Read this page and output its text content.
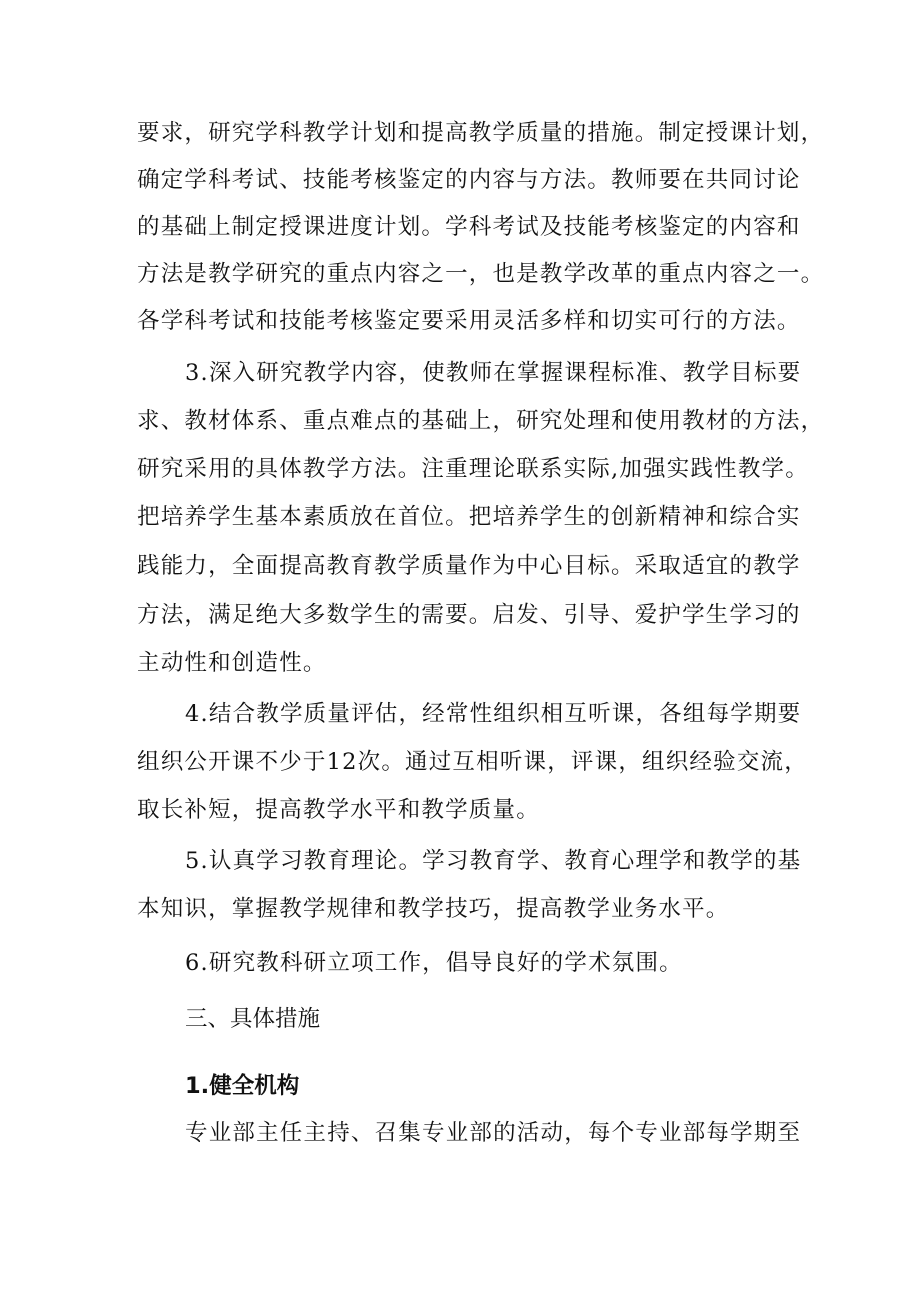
要求，研究学科教学计划和提高教学质量的措施。制定授课计划，
确定学科考试、技能考核鉴定的内容与方法。教师要在共同讨论
的基础上制定授课进度计划。学科考试及技能考核鉴定的内容和
方法是教学研究的重点内容之一，也是教学改革的重点内容之一。
各学科考试和技能考核鉴定要采用灵活多样和切实可行的方法。
3.深入研究教学内容，使教师在掌握课程标准、教学目标要
求、教材体系、重点难点的基础上，研究处理和使用教材的方法，
研究采用的具体教学方法。注重理论联系实际,加强实践性教学。
把培养学生基本素质放在首位。把培养学生的创新精神和综合实
践能力，全面提高教育教学质量作为中心目标。采取适宜的教学
方法，满足绝大多数学生的需要。启发、引导、爱护学生学习的
主动性和创造性。
4.结合教学质量评估，经常性组织相互听课，各组每学期要
组织公开课不少于12次。通过互相听课，评课，组织经验交流，
取长补短，提高教学水平和教学质量。
5.认真学习教育理论。学习教育学、教育心理学和教学的基
本知识，掌握教学规律和教学技巧，提高教学业务水平。
6.研究教科研立项工作，倡导良好的学术氛围。
三、具体措施
1.健全机构
专业部主任主持、召集专业部的活动，每个专业部每学期至
